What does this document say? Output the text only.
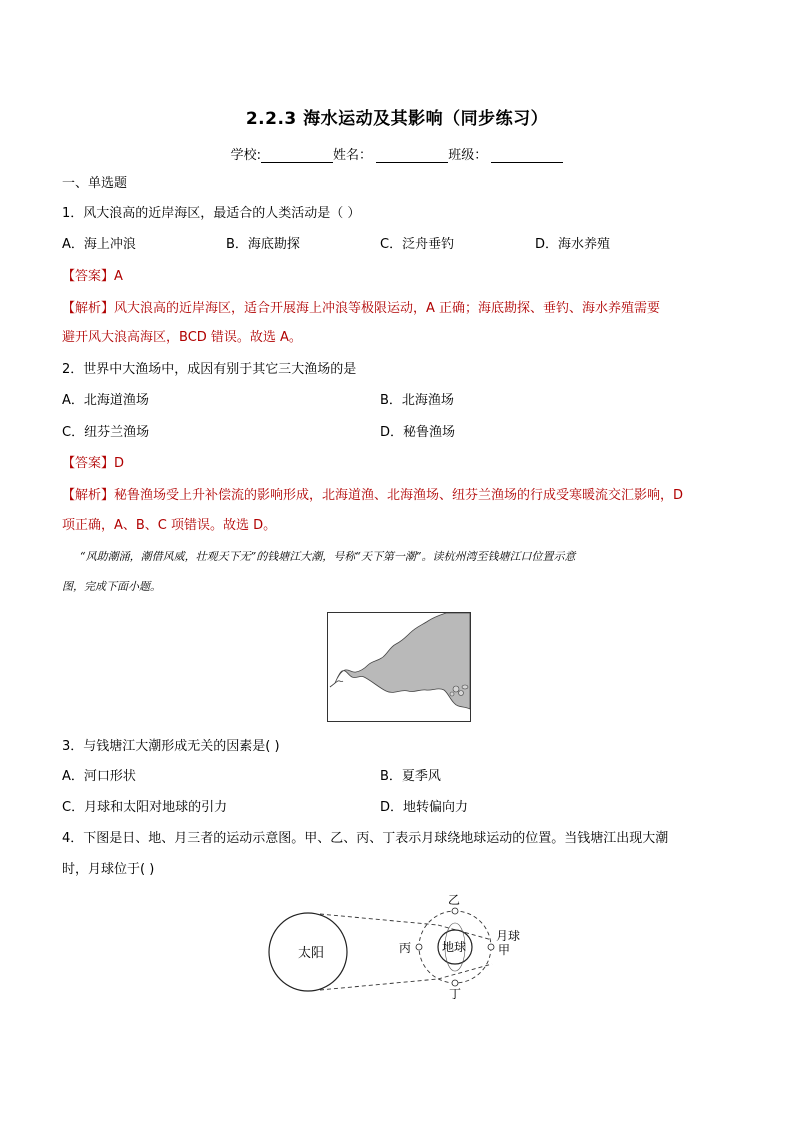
2.2.3 海水运动及其影响（同步练习）
学校:	姓名：	班级：
一、单选题
1．风大浪高的近岸海区，最适合的人类活动是（ ）
A．海上冲浪	B．海底勘探	C．泛舟垂钓	D．海水养殖
【答案】A
【解析】风大浪高的近岸海区，适合开展海上冲浪等极限运动，A 正确；海底勘探、垂钓、海水养殖需要
避开风大浪高海区，BCD 错误。故选 A。
2．世界中大渔场中，成因有别于其它三大渔场的是
A．北海道渔场	B．北海渔场
C．纽芬兰渔场	D．秘鲁渔场
【答案】D
【解析】秘鲁渔场受上升补偿流的影响形成，北海道渔、北海渔场、纽芬兰渔场的行成受寒暖流交汇影响，D
项正确，A、B、C 项错误。故选 D。
“风助潮涌，潮借风威，壮观天下无”的钱塘江大潮，号称“天下第一潮”。读杭州湾至钱塘江口位置示意
图，完成下面小题。
3．与钱塘江大潮形成无关的因素是( )
A．河口形状	B．夏季风
C．月球和太阳对地球的引力	D．地转偏向力
4．下图是日、地、月三者的运动示意图。甲、乙、丙、丁表示月球绕地球运动的位置。当钱塘江出现大潮
时，月球位于( )
太阳	地球
乙
月球
甲
丙
丁
